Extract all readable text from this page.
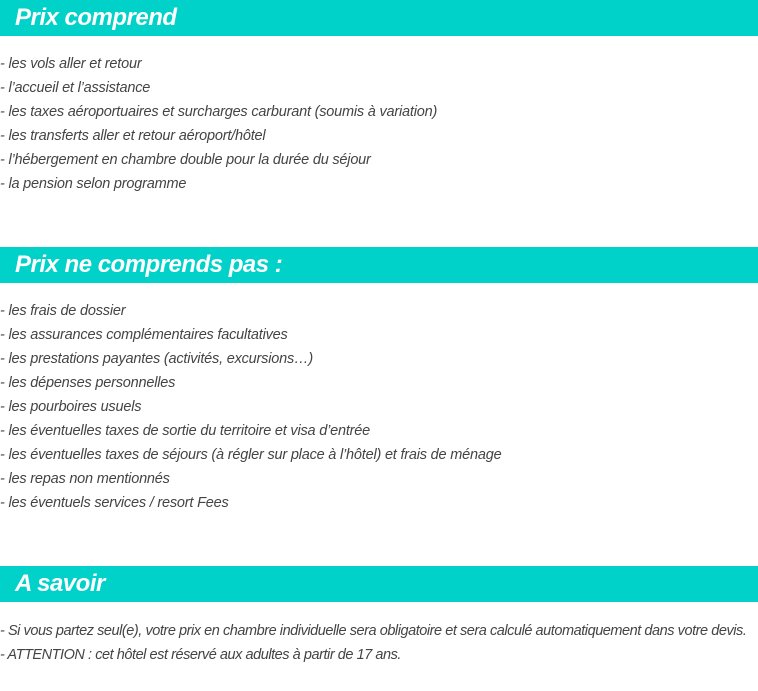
Prix comprend
- les vols aller et retour
- l’accueil et l’assistance
- les taxes aéroportuaires et surcharges carburant (soumis à variation)
- les transferts aller et retour aéroport/hôtel
- l’hébergement en chambre double pour la durée du séjour
- la pension selon programme
Prix ne comprends pas :
- les frais de dossier
- les assurances complémentaires facultatives
- les prestations payantes (activités, excursions…)
- les dépenses personnelles
- les pourboires usuels
- les éventuelles taxes de sortie du territoire et visa d’entrée
- les éventuelles taxes de séjours (à régler sur place à l’hôtel) et frais de ménage
- les repas non mentionnés
- les éventuels services / resort Fees
A savoir

- Si vous partez seul(e), votre prix en chambre individuelle sera obligatoire et sera calculé automatiquement dans votre devis.

- ATTENTION : cet hôtel est réservé aux adultes à partir de 17 ans.
